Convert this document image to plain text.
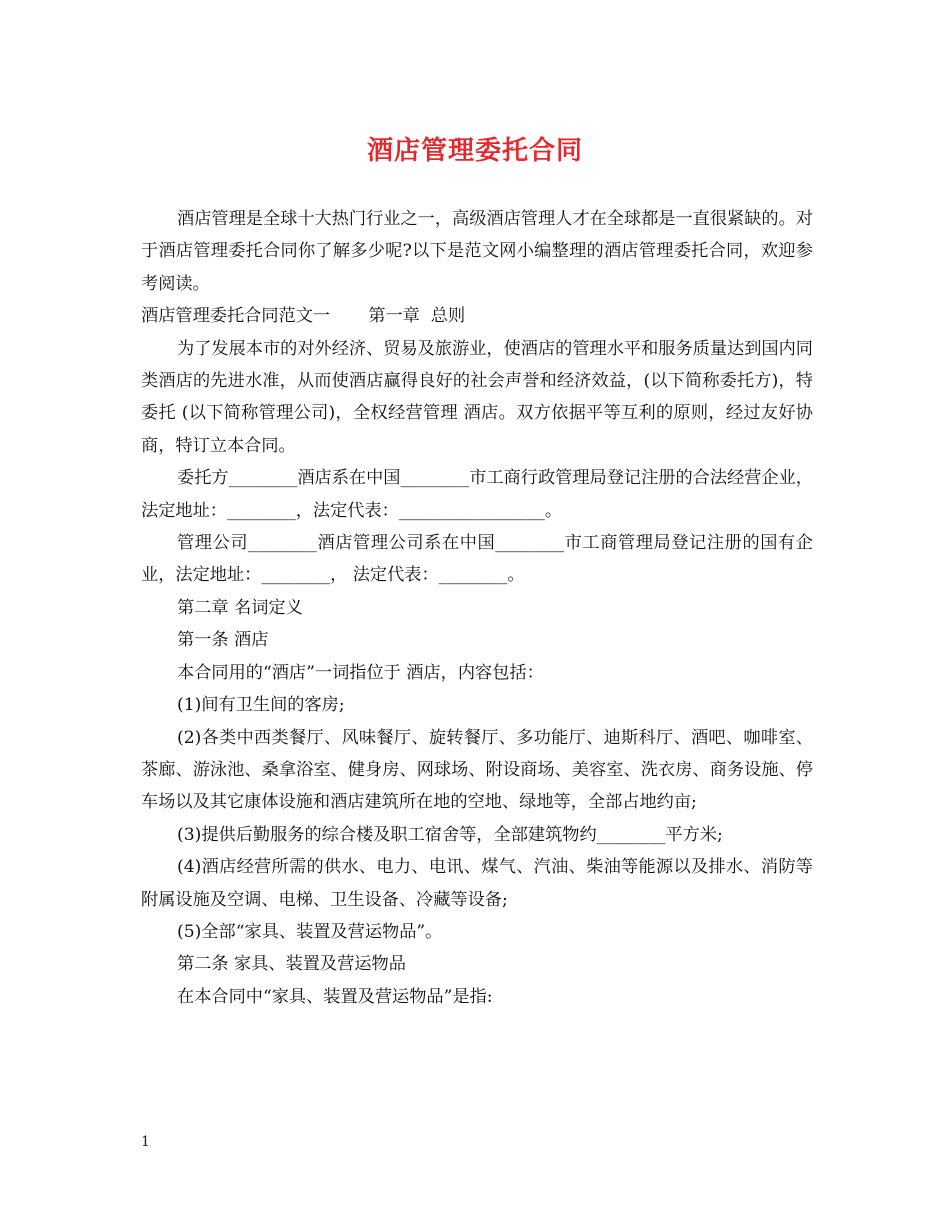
酒店管理委托合同

酒店管理是全球十大热门行业之一，高级酒店管理人才在全球都是一直很紧缺的。对于酒店管理委托合同你了解多少呢?以下是范文网小编整理的酒店管理委托合同，欢迎参考阅读。

酒店管理委托合同范文一       第一章  总则

为了发展本市的对外经济、贸易及旅游业，使酒店的管理水平和服务质量达到国内同类酒店的先进水准，从而使酒店赢得良好的社会声誉和经济效益，(以下简称委托方)，特委托 (以下简称管理公司)，全权经营管理 酒店。双方依据平等互利的原则，经过友好协商，特订立本合同。

委托方________酒店系在中国________市工商行政管理局登记注册的合法经营企业，法定地址：________，法定代表：_________________。

管理公司________酒店管理公司系在中国________市工商管理局登记注册的国有企业，法定地址：________， 法定代表：________。

第二章 名词定义

第一条 酒店

本合同用的“酒店”一词指位于 酒店，内容包括：

(1)间有卫生间的客房;

(2)各类中西类餐厅、风味餐厅、旋转餐厅、多功能厅、迪斯科厅、酒吧、咖啡室、茶廊、游泳池、桑拿浴室、健身房、网球场、附设商场、美容室、洗衣房、商务设施、停车场以及其它康体设施和酒店建筑所在地的空地、绿地等，全部占地约亩;

(3)提供后勤服务的综合楼及职工宿舍等，全部建筑物约________平方米;

(4)酒店经营所需的供水、电力、电讯、煤气、汽油、柴油等能源以及排水、消防等附属设施及空调、电梯、卫生设备、冷藏等设备;

(5)全部“家具、装置及营运物品”。

第二条 家具、装置及营运物品

在本合同中“家具、装置及营运物品”是指:

1
